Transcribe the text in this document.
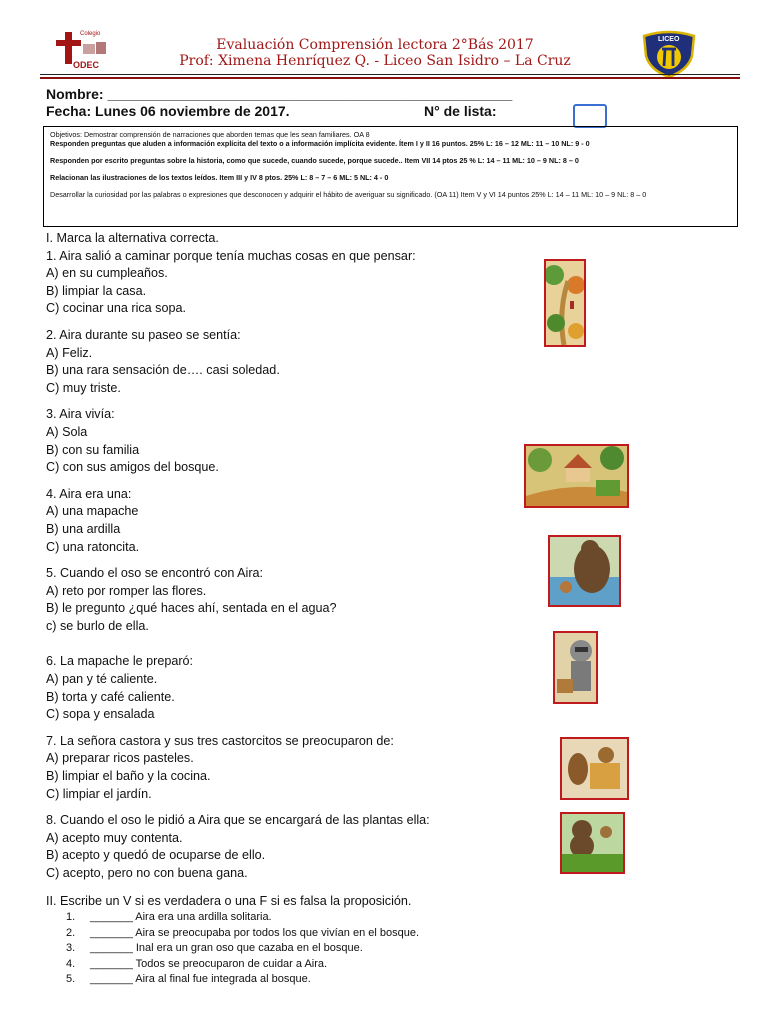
Colegio
ODEC
Evaluación Comprensión lectora 2°Bás 2017
Prof: Ximena Henríquez Q. - Liceo San Isidro – La Cruz
LICEO
Nombre: ____________________________________________________
Fecha: Lunes 06 noviembre de 2017.	N° de lista:

Objetivos: Demostrar comprensión de narraciones que aborden temas que les sean familiares. OA 8

Responden preguntas que aluden a información explícita del texto o a información implícita evidente. Ítem I y II 16 puntos. 25% L: 16 – 12 ML: 11 – 10 NL: 9 - 0

Responden por escrito preguntas sobre la historia, como que sucede, cuando sucede, porque sucede.. Item VII 14 ptos 25 % L: 14 – 11 ML: 10 – 9 NL: 8 – 0

Relacionan las ilustraciones de los textos leídos. Item III y IV 8 ptos. 25% L: 8 – 7 – 6 ML: 5 NL: 4 - 0

Desarrollar la curiosidad por las palabras o expresiones que desconocen y adquirir el hábito de averiguar su significado. (OA 11) Item V y VI 14 puntos 25% L: 14 – 11 ML: 10 – 9 NL: 8 – 0

I. Marca la alternativa correcta.
1. Aira salió a caminar porque tenía muchas cosas en que pensar:
A) en su cumpleaños.
B) limpiar la casa.
C) cocinar una rica sopa.
2. Aira durante su paseo se sentía:
A) Feliz.
B) una rara sensación de…. casi soledad.
C) muy triste.
3. Aira vivía:
A) Sola
B) con su familia
C) con sus amigos del bosque.
4. Aira era una:
A) una mapache
B) una ardilla
C) una ratoncita.
5. Cuando el oso se encontró con Aira:
A) reto por romper las flores.
B) le pregunto ¿qué haces ahí, sentada en el agua?
c) se burlo de ella.
6. La mapache le preparó:
A) pan y té caliente.
B) torta y café caliente.
C) sopa y ensalada
7. La señora castora y sus tres castorcitos se preocuparon de:
A) preparar ricos pasteles.
B) limpiar el baño y la cocina.
C) limpiar el jardín.
8. Cuando el oso le pidió a Aira que se encargará de las plantas ella:
A) acepto muy contenta.
B) acepto y quedó de ocuparse de ello.
C) acepto, pero no con buena gana.
II. Escribe un V si es verdadera o una F si es falsa la proposición.
1. _______ Aira era una ardilla solitaria.
2. _______ Aira se preocupaba por todos los que vivían en el bosque.
3. _______ Inal era un gran oso que cazaba en el bosque.
4. _______ Todos se preocuparon de cuidar a Aira.
5. _______ Aira al final fue integrada al bosque.
